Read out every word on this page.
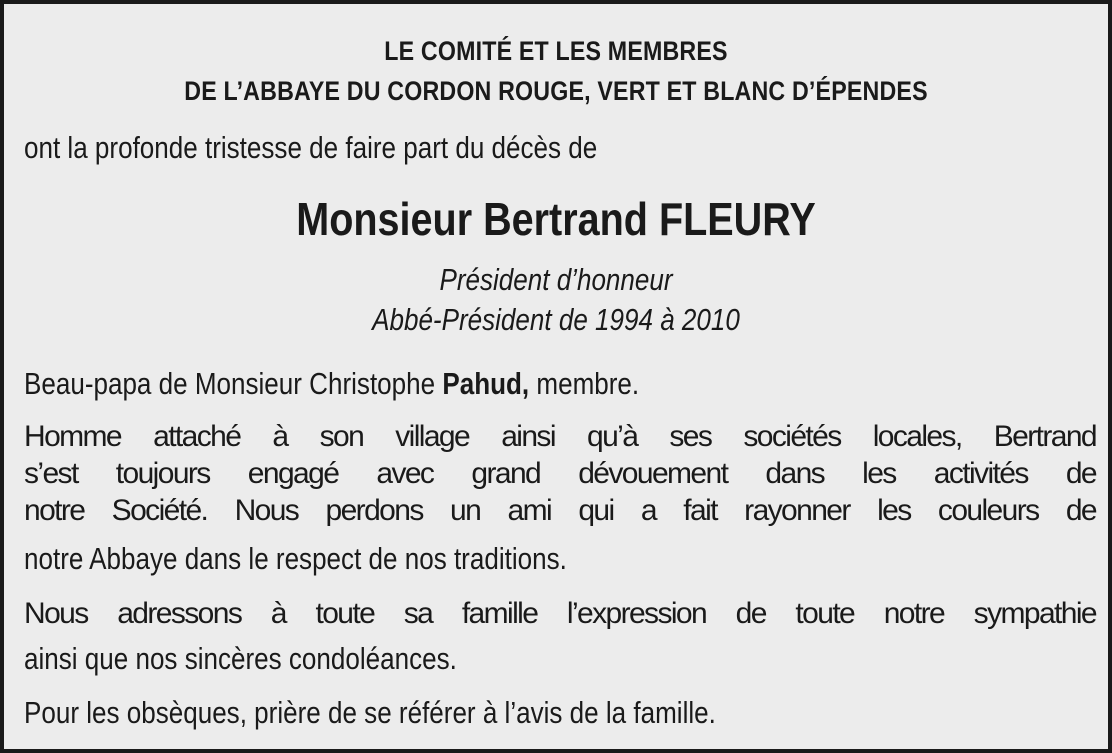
LE COMITÉ ET LES MEMBRES
DE L’ABBAYE DU CORDON ROUGE, VERT ET BLANC D’ÉPENDES
ont la profonde tristesse de faire part du décès de
Monsieur Bertrand FLEURY
Président d’honneur
Abbé-Président de 1994 à 2010
Beau-papa de Monsieur Christophe Pahud, membre.
Homme attaché à son village ainsi qu’à ses sociétés locales, Bertrand
s’est toujours engagé avec grand dévouement dans les activités de
notre Société. Nous perdons un ami qui a fait rayonner les couleurs de
notre Abbaye dans le respect de nos traditions.
Nous adressons à toute sa famille l’expression de toute notre sympathie
ainsi que nos sincères condoléances.
Pour les obsèques, prière de se référer à l’avis de la famille.
